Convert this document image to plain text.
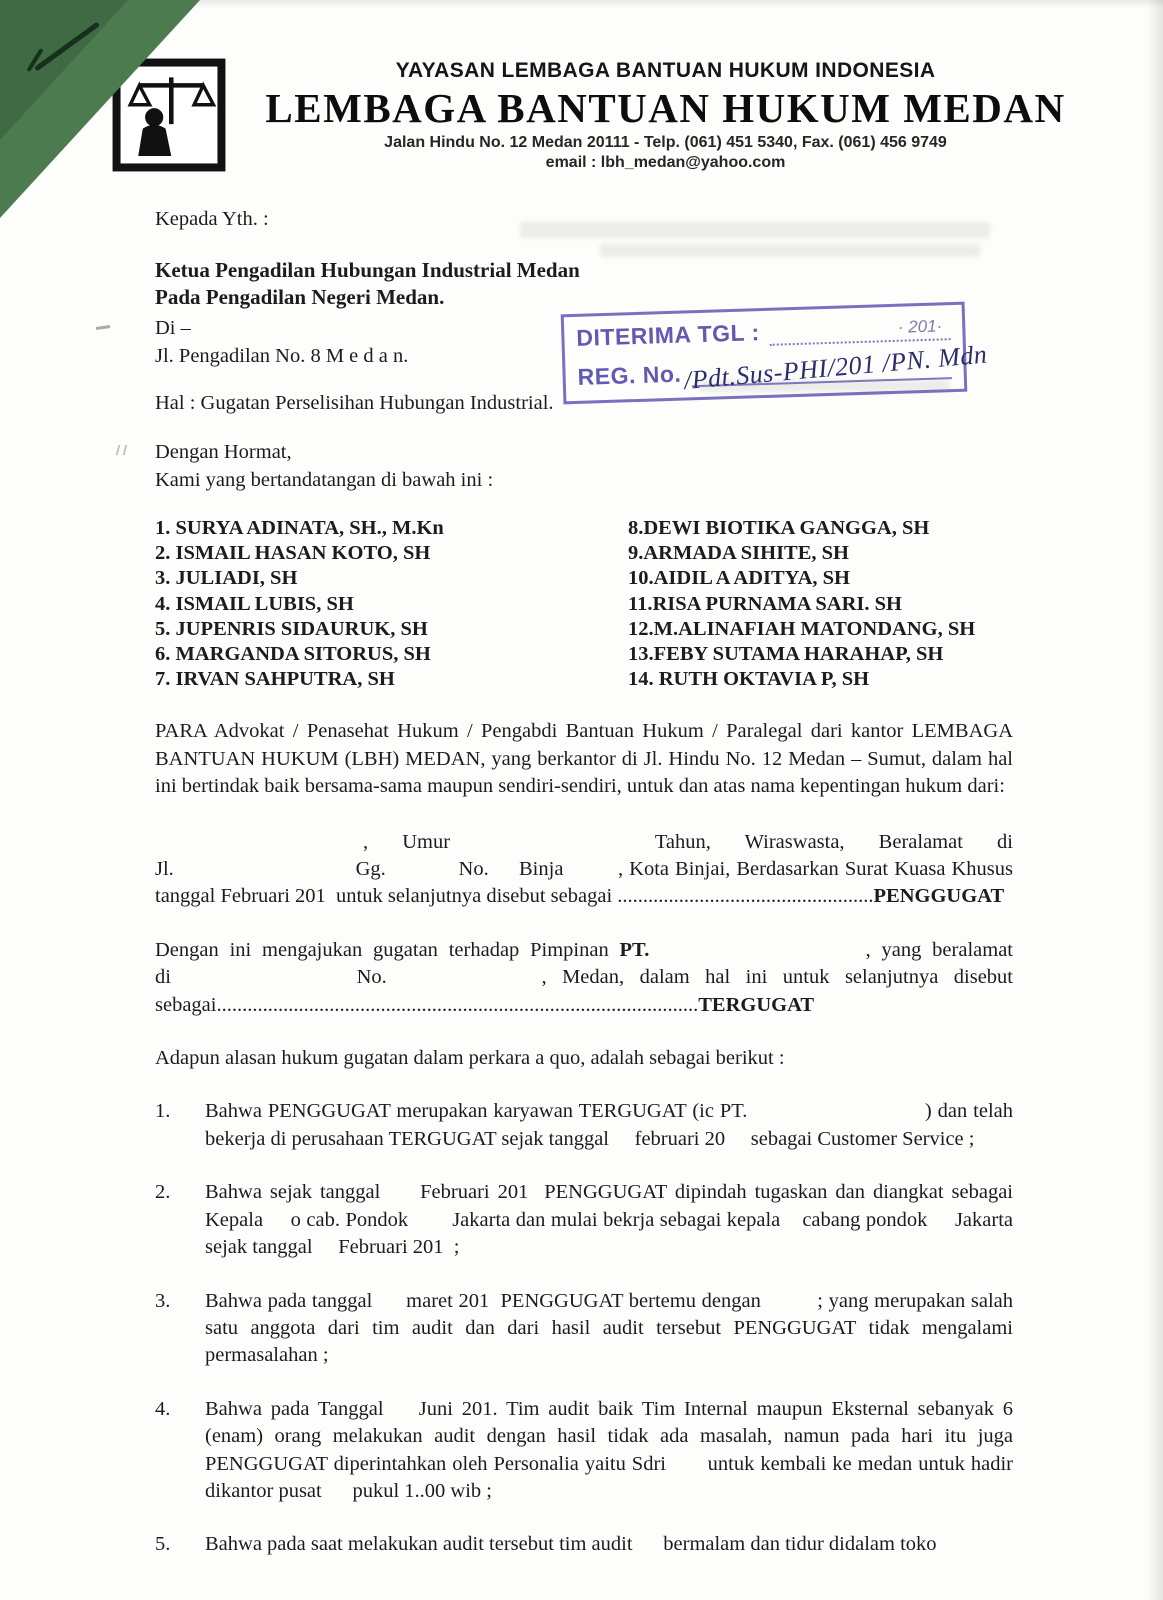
YAYASAN LEMBAGA BANTUAN HUKUM INDONESIA
LEMBAGA BANTUAN HUKUM MEDAN
Jalan Hindu No. 12 Medan 20111 - Telp. (061) 451 5340, Fax. (061) 456 9749
email : lbh_medan@yahoo.com
DITERIMA TGL :	· 201·
REG. No. /Pdt.Sus-PHI/201 /PN. Mdn
Kepada Yth. :
Ketua Pengadilan Hubungan Industrial Medan
Pada Pengadilan Negeri Medan.
Di –
Jl. Pengadilan No. 8 M e d a n.
Hal : Gugatan Perselisihan Hubungan Industrial.
Dengan Hormat,
Kami yang bertandatangan di bawah ini :
1. SURYA ADINATA, SH., M.Kn
2. ISMAIL HASAN KOTO, SH
3. JULIADI, SH
4. ISMAIL LUBIS, SH
5. JUPENRIS SIDAURUK, SH
6. MARGANDA SITORUS, SH
7. IRVAN SAHPUTRA, SH
8.DEWI BIOTIKA GANGGA, SH
9.ARMADA SIHITE, SH
10.AIDIL A ADITYA, SH
11.RISA PURNAMA SARI. SH
12.M.ALINAFIAH MATONDANG, SH
13.FEBY SUTAMA HARAHAP, SH
14. RUTH OKTAVIA P, SH

PARA Advokat / Penasehat Hukum / Pengabdi Bantuan Hukum / Paralegal dari kantor LEMBAGA BANTUAN HUKUM (LBH) MEDAN, yang berkantor di Jl. Hindu No. 12 Medan – Sumut, dalam hal ini bertindak baik bersama-sama maupun sendiri-sendiri, untuk dan atas nama kepentingan hukum dari:

, Umur      Tahun, Wiraswasta, Beralamat di Jl.                              Gg.            No.     Binja         , Kota Binjai, Berdasarkan Surat Kuasa Khusus tanggal Februari 201  untuk selanjutnya disebut sebagai ..................................................PENGGUGAT

Dengan ini mengajukan gugatan terhadap Pimpinan PT.                    , yang beralamat di            No.          , Medan, dalam hal ini untuk selanjutnya disebut sebagai..............................................................................................TERGUGAT

Adapun alasan hukum gugatan dalam perkara a quo, adalah sebagai berikut :

1.	Bahwa PENGGUGAT merupakan karyawan TERGUGAT (ic PT.                              ) dan telah bekerja di perusahaan TERGUGAT sejak tanggal     februari 20     sebagai Customer Service ;
2.	Bahwa sejak tanggal     Februari 201  PENGGUGAT dipindah tugaskan dan diangkat sebagai Kepala     o cab. Pondok        Jakarta dan mulai bekrja sebagai kepala    cabang pondok     Jakarta sejak tanggal     Februari 201  ;
3.	Bahwa pada tanggal      maret 201  PENGGUGAT bertemu dengan          ; yang merupakan salah satu anggota dari tim audit dan dari hasil audit tersebut PENGGUGAT tidak mengalami permasalahan ;
4.	Bahwa pada Tanggal    Juni 201. Tim audit baik Tim Internal maupun Eksternal sebanyak 6 (enam) orang melakukan audit dengan hasil tidak ada masalah, namun pada hari itu juga PENGGUGAT diperintahkan oleh Personalia yaitu Sdri       untuk kembali ke medan untuk hadir dikantor pusat      pukul 1..00 wib ;
5.	Bahwa pada saat melakukan audit tersebut tim audit      bermalam dan tidur didalam toko
